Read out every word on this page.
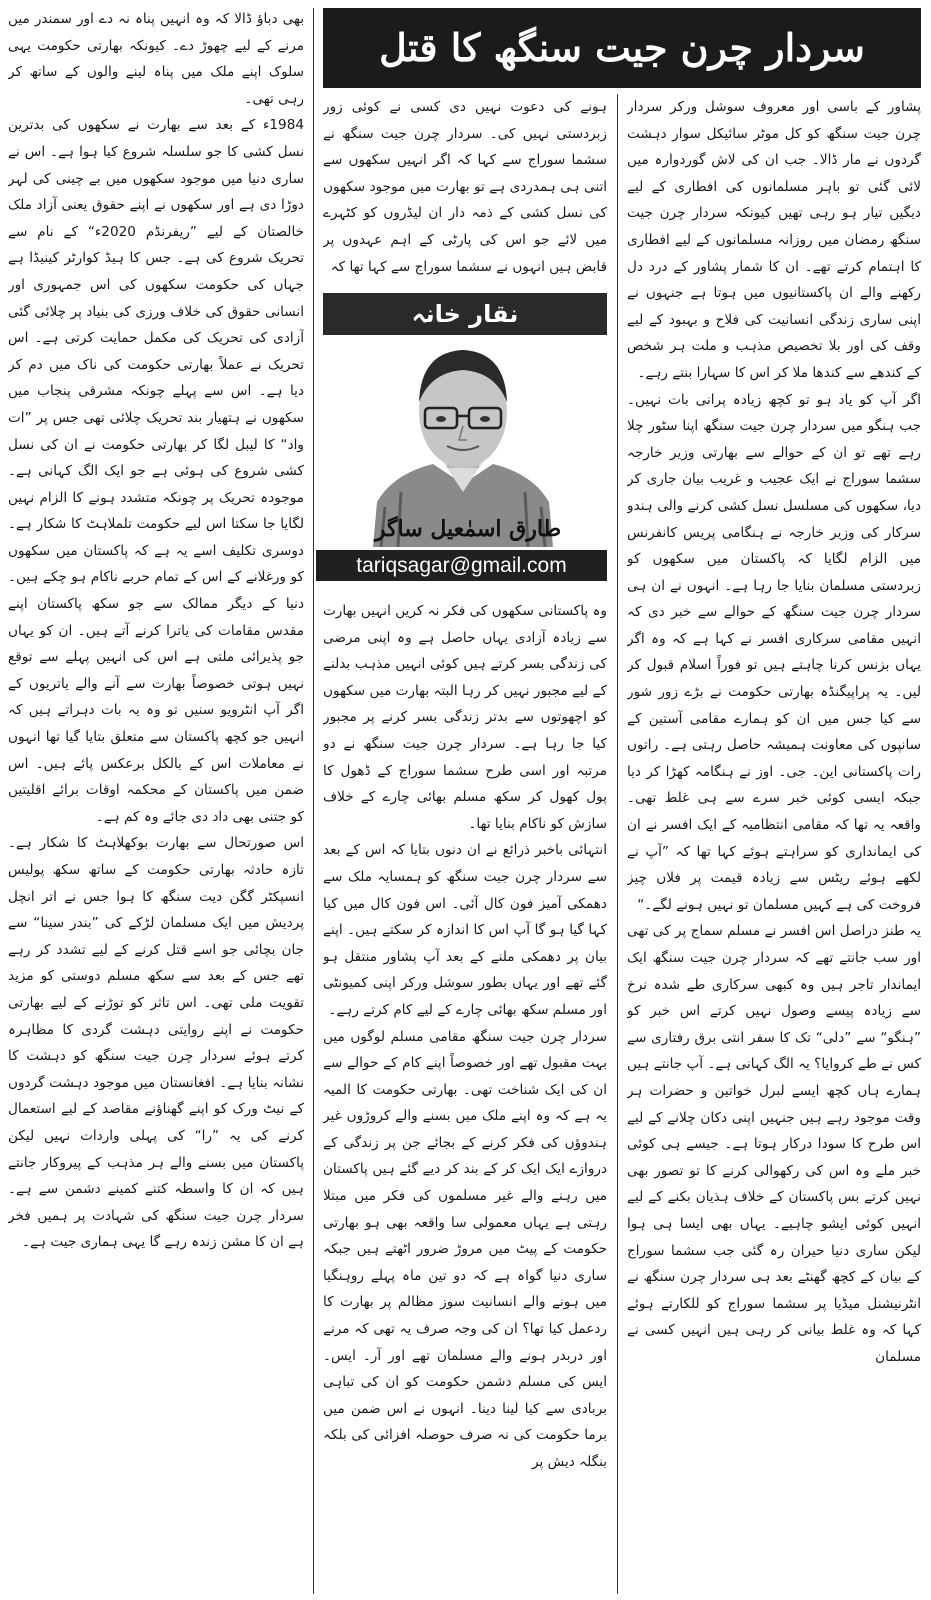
سردار چرن جیت سنگھ کا قتل

پشاور کے باسی اور معروف سوشل ورکر سردار چرن جیت سنگھ کو کل موٹر سائیکل سوار دہشت گردوں نے مار ڈالا۔ جب ان کی لاش گوردوارہ میں لائی گئی تو باہر مسلمانوں کی افطاری کے لیے دیگیں تیار ہو رہی تھیں کیونکہ سردار چرن جیت سنگھ رمضان میں روزانہ مسلمانوں کے لیے افطاری کا اہتمام کرتے تھے۔ ان کا شمار پشاور کے درد دل رکھنے والے ان پاکستانیوں میں ہوتا ہے جنہوں نے اپنی ساری زندگی انسانیت کی فلاح و بہبود کے لیے وقف کی اور بلا تخصیص مذہب و ملت ہر شخص کے کندھے سے کندھا ملا کر اس کا سہارا بنتے رہے۔

اگر آپ کو یاد ہو تو کچھ زیادہ پرانی بات نہیں۔ جب ہنگو میں سردار چرن جیت سنگھ اپنا سٹور چلا رہے تھے تو ان کے حوالے سے بھارتی وزیر خارجہ سشما سوراج نے ایک عجیب و غریب بیان جاری کر دیا، سکھوں کی مسلسل نسل کشی کرنے والی ہندو سرکار کی وزیر خارجہ نے ہنگامی پریس کانفرنس میں الزام لگایا کہ پاکستان میں سکھوں کو زبردستی مسلمان بنایا جا رہا ہے۔ انہوں نے ان ہی سردار چرن جیت سنگھ کے حوالے سے خبر دی کہ انہیں مقامی سرکاری افسر نے کہا ہے کہ وہ اگر یہاں بزنس کرنا چاہتے ہیں تو فوراً اسلام قبول کر لیں۔ یہ پراپیگنڈہ بھارتی حکومت نے بڑے زور شور سے کیا جس میں ان کو ہمارے مقامی آستین کے سانپوں کی معاونت ہمیشہ حاصل رہتی ہے۔ راتوں رات پاکستانی این۔ جی۔ اوز نے ہنگامہ کھڑا کر دیا جبکہ ایسی کوئی خبر سرے سے ہی غلط تھی۔ واقعہ یہ تھا کہ مقامی انتظامیہ کے ایک افسر نے ان کی ایمانداری کو سراہتے ہوئے کہا تھا کہ ”آپ نے لکھے ہوئے ریٹس سے زیادہ قیمت پر فلاں چیز فروخت کی ہے کہیں مسلمان تو نہیں ہونے لگے۔“

یہ طنز دراصل اس افسر نے مسلم سماج پر کی تھی اور سب جانتے تھے کہ سردار چرن جیت سنگھ ایک ایماندار تاجر ہیں وہ کبھی سرکاری طے شدہ نرخ سے زیادہ پیسے وصول نہیں کرتے اس خبر کو ”ہنگو“ سے ”دلی“ تک کا سفر انتی برق رفتاری سے کس نے طے کروایا؟ یہ الگ کہانی ہے۔ آپ جانتے ہیں ہمارے ہاں کچھ ایسے لبرل خواتین و حضرات ہر وقت موجود رہے ہیں جنہیں اپنی دکان چلانے کے لیے اس طرح کا سودا درکار ہوتا ہے۔ جیسے ہی کوئی خبر ملے وہ اس کی رکھوالی کرنے کا تو تصور بھی نہیں کرتے بس پاکستان کے خلاف ہذیان بکنے کے لیے انہیں کوئی ایشو چاہیے۔ یہاں بھی ایسا ہی ہوا لیکن ساری دنیا حیران رہ گئی جب سشما سوراج کے بیان کے کچھ گھنٹے بعد ہی سردار چرن سنگھ نے انٹرنیشنل میڈیا پر سشما سوراج کو للکارتے ہوئے کہا کہ وہ غلط بیانی کر رہی ہیں انہیں کسی نے مسلمان

ہونے کی دعوت نہیں دی کسی نے کوئی زور زبردستی نہیں کی۔ سردار چرن جیت سنگھ نے سشما سوراج سے کہا کہ اگر انہیں سکھوں سے اتنی ہی ہمدردی ہے تو بھارت میں موجود سکھوں کی نسل کشی کے ذمہ دار ان لیڈروں کو کٹہرے میں لائے جو اس کی پارٹی کے اہم عہدوں پر قابض ہیں انہوں نے سشما سوراج سے کہا تھا کہ

نقار خانہ
طارق اسمٰعیل ساگر
tariqsagar@gmail.com

وہ پاکستانی سکھوں کی فکر نہ کریں انہیں بھارت سے زیادہ آزادی یہاں حاصل ہے وہ اپنی مرضی کی زندگی بسر کرتے ہیں کوئی انہیں مذہب بدلنے کے لیے مجبور نہیں کر رہا البتہ بھارت میں سکھوں کو اچھوتوں سے بدتر زندگی بسر کرنے پر مجبور کیا جا رہا ہے۔ سردار چرن جیت سنگھ نے دو مرتبہ اور اسی طرح سشما سوراج کے ڈھول کا پول کھول کر سکھ مسلم بھائی چارے کے خلاف سازش کو ناکام بنایا تھا۔

انتہائی باخبر ذرائع نے ان دنوں بتایا کہ اس کے بعد سے سردار چرن جیت سنگھ کو ہمسایہ ملک سے دھمکی آمیز فون کال آئی۔ اس فون کال میں کیا کہا گیا ہو گا آپ اس کا اندازہ کر سکتے ہیں۔ اپنے بیان پر دھمکی ملنے کے بعد آپ پشاور منتقل ہو گئے تھے اور یہاں بطور سوشل ورکر اپنی کمیونٹی اور مسلم سکھ بھائی چارے کے لیے کام کرتے رہے۔

سردار چرن جیت سنگھ مقامی مسلم لوگوں میں بہت مقبول تھے اور خصوصاً اپنے کام کے حوالے سے ان کی ایک شناخت تھی۔ بھارتی حکومت کا المیہ یہ ہے کہ وہ اپنے ملک میں بسنے والے کروڑوں غیر ہندوؤں کی فکر کرنے کے بجائے جن پر زندگی کے دروازے ایک ایک کر کے بند کر دیے گئے ہیں پاکستان میں رہنے والے غیر مسلموں کی فکر میں مبتلا رہتی ہے یہاں معمولی سا واقعہ بھی ہو بھارتی حکومت کے پیٹ میں مروڑ ضرور اٹھتے ہیں جبکہ ساری دنیا گواہ ہے کہ دو تین ماہ پہلے روہنگیا میں ہونے والے انسانیت سوز مظالم پر بھارت کا ردعمل کیا تھا؟ ان کی وجہ صرف یہ تھی کہ مرنے اور دربدر ہونے والے مسلمان تھے اور آر۔ ایس۔ ایس کی مسلم دشمن حکومت کو ان کی تباہی بربادی سے کیا لینا دینا۔ انہوں نے اس ضمن میں برما حکومت کی نہ صرف حوصلہ افزائی کی بلکہ بنگلہ دیش پر

بھی دباؤ ڈالا کہ وہ انہیں پناہ نہ دے اور سمندر میں مرنے کے لیے چھوڑ دے۔ کیونکہ بھارتی حکومت یہی سلوک اپنے ملک میں پناہ لینے والوں کے ساتھ کر رہی تھی۔

1984ء کے بعد سے بھارت نے سکھوں کی بدترین نسل کشی کا جو سلسلہ شروع کیا ہوا ہے۔ اس نے ساری دنیا میں موجود سکھوں میں بے چینی کی لہر دوڑا دی ہے اور سکھوں نے اپنے حقوق یعنی آزاد ملک خالصتان کے لیے ”ریفرنڈم 2020ء“ کے نام سے تحریک شروع کی ہے۔ جس کا ہیڈ کوارٹر کینیڈا ہے جہاں کی حکومت سکھوں کی اس جمہوری اور انسانی حقوق کی خلاف ورزی کی بنیاد پر چلائی گئی آزادی کی تحریک کی مکمل حمایت کرتی ہے۔ اس تحریک نے عملاً بھارتی حکومت کی ناک میں دم کر دیا ہے۔ اس سے پہلے چونکہ مشرقی پنجاب میں سکھوں نے ہتھیار بند تحریک چلائی تھی جس پر ”ات واد“ کا لیبل لگا کر بھارتی حکومت نے ان کی نسل کشی شروع کی ہوئی ہے جو ایک الگ کہانی ہے۔ موجودہ تحریک پر چونکہ متشدد ہونے کا الزام نہیں لگایا جا سکتا اس لیے حکومت تلملاہٹ کا شکار ہے۔ دوسری تکلیف اسے یہ ہے کہ پاکستان میں سکھوں کو ورغلانے کے اس کے تمام حربے ناکام ہو چکے ہیں۔ دنیا کے دیگر ممالک سے جو سکھ پاکستان اپنے مقدس مقامات کی یاترا کرنے آتے ہیں۔ ان کو یہاں جو پذیرائی ملتی ہے اس کی انہیں پہلے سے توقع نہیں ہوتی خصوصاً بھارت سے آنے والے یاتریوں کے اگر آپ انٹرویو سنیں تو وہ یہ بات دہراتے ہیں کہ انہیں جو کچھ پاکستان سے متعلق بتایا گیا تھا انہوں نے معاملات اس کے بالکل برعکس پائے ہیں۔ اس ضمن میں پاکستان کے محکمہ اوقات برائے اقلیتیں کو جتنی بھی داد دی جائے وہ کم ہے۔

اس صورتحال سے بھارت بوکھلاہٹ کا شکار ہے۔ تازہ حادثہ بھارتی حکومت کے ساتھ سکھ پولیس انسپکٹر گگن دیت سنگھ کا ہوا جس نے اتر انچل پردیش میں ایک مسلمان لڑکے کی ”بندر سینا“ سے جان بچائی جو اسے قتل کرنے کے لیے تشدد کر رہے تھے جس کے بعد سے سکھ مسلم دوستی کو مزید تقویت ملی تھی۔ اس تاثر کو توڑنے کے لیے بھارتی حکومت نے اپنے روایتی دہشت گردی کا مظاہرہ کرتے ہوئے سردار چرن جیت سنگھ کو دہشت کا نشانہ بنایا ہے۔ افغانستان میں موجود دہشت گردوں کے نیٹ ورک کو اپنے گھناؤنے مقاصد کے لیے استعمال کرنے کی یہ ”را“ کی پہلی واردات نہیں لیکن پاکستان میں بسنے والے ہر مذہب کے پیروکار جانتے ہیں کہ ان کا واسطہ کتنے کمینے دشمن سے ہے۔ سردار چرن جیت سنگھ کی شہادت پر ہمیں فخر ہے ان کا مشن زندہ رہے گا یہی ہماری جیت ہے۔
